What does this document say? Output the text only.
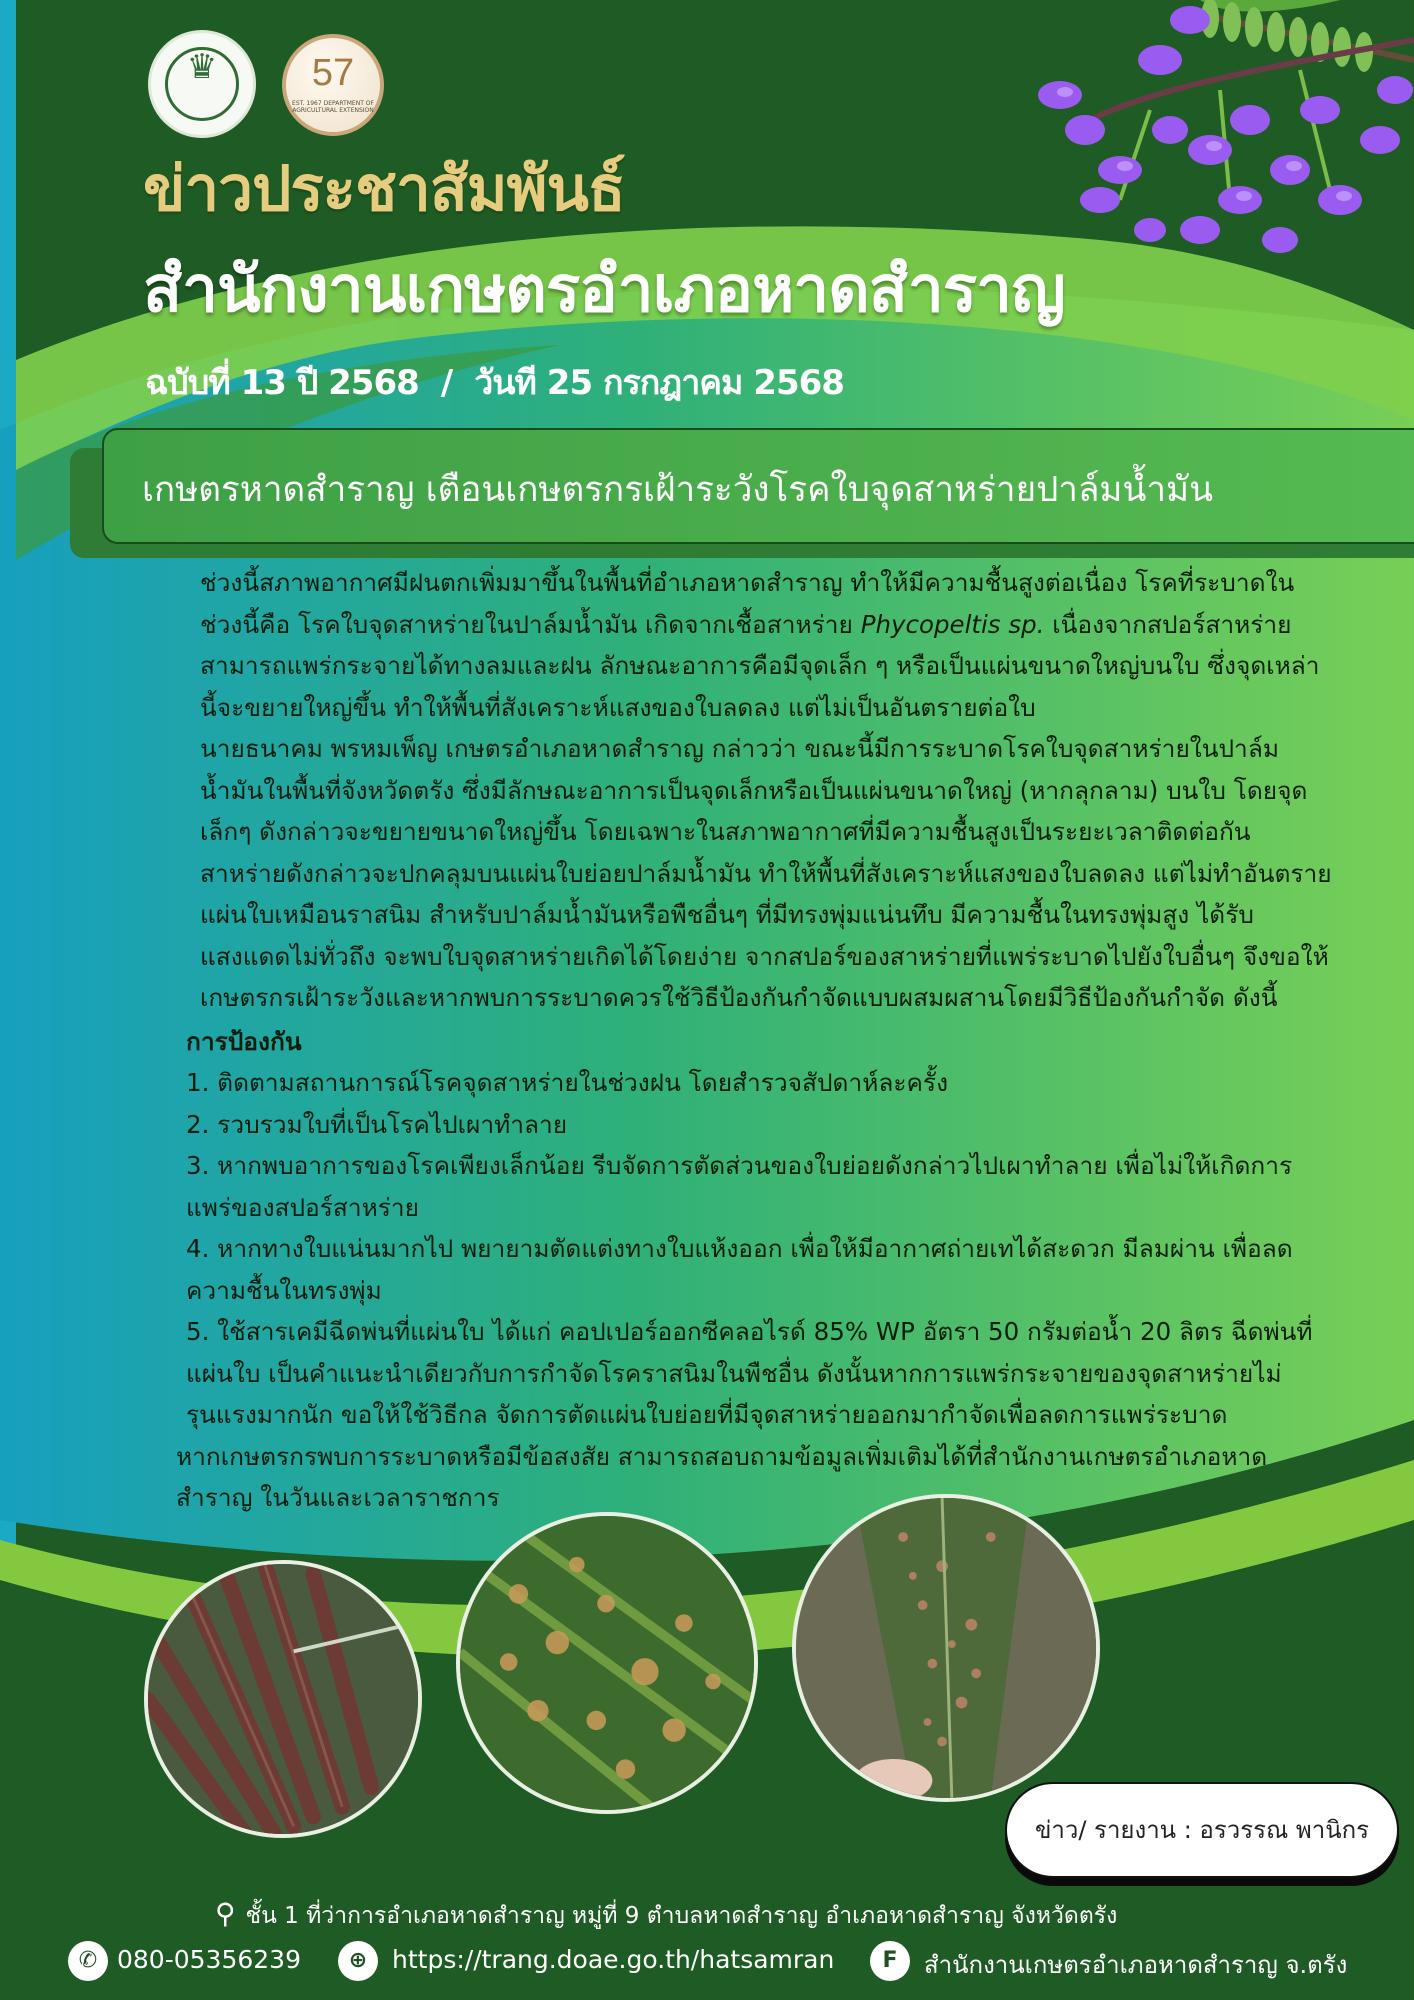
♛	57
EST. 1967 DEPARTMENT OF AGRICULTURAL EXTENSION
ข่าวประชาสัมพันธ์
สำนักงานเกษตรอำเภอหาดสำราญ
ฉบับที่ 13 ปี 2568 / วันที 25 กรกฎาคม 2568
เกษตรหาดสำราญ เตือนเกษตรกรเฝ้าระวังโรคใบจุดสาหร่ายปาล์มน้ำมัน

ช่วงนี้สภาพอากาศมีฝนตกเพิ่มมาขึ้นในพื้นที่อำเภอหาดสำราญ ทำให้มีความชื้นสูงต่อเนื่อง โรคที่ระบาดในช่วงนี้คือ โรคใบจุดสาหร่ายในปาล์มน้ำมัน เกิดจากเชื้อสาหร่าย Phycopeltis sp. เนื่องจากสปอร์สาหร่ายสามารถแพร่กระจายได้ทางลมและฝน ลักษณะอาการคือมีจุดเล็ก ๆ หรือเป็นแผ่นขนาดใหญ่บนใบ ซึ่งจุดเหล่านี้จะขยายใหญ่ขึ้น ทำให้พื้นที่สังเคราะห์แสงของใบลดลง แต่ไม่เป็นอันตรายต่อใบ

นายธนาคม พรหมเพ็ญ เกษตรอำเภอหาดสำราญ กล่าวว่า ขณะนี้มีการระบาดโรคใบจุดสาหร่ายในปาล์มน้ำมันในพื้นที่จังหวัดตรัง ซึ่งมีลักษณะอาการเป็นจุดเล็กหรือเป็นแผ่นขนาดใหญ่ (หากลุกลาม) บนใบ โดยจุดเล็กๆ ดังกล่าวจะขยายขนาดใหญ่ขึ้น โดยเฉพาะในสภาพอากาศที่มีความชื้นสูงเป็นระยะเวลาติดต่อกัน สาหร่ายดังกล่าวจะปกคลุมบนแผ่นใบย่อยปาล์มน้ำมัน ทำให้พื้นที่สังเคราะห์แสงของใบลดลง แต่ไม่ทำอันตรายแผ่นใบเหมือนราสนิม สำหรับปาล์มน้ำมันหรือพืชอื่นๆ ที่มีทรงพุ่มแน่นทึบ มีความชื้นในทรงพุ่มสูง ได้รับแสงแดดไม่ทั่วถึง จะพบใบจุดสาหร่ายเกิดได้โดยง่าย จากสปอร์ของสาหร่ายที่แพร่ระบาดไปยังใบอื่นๆ จึงขอให้เกษตรกรเฝ้าระวังและหากพบการระบาดควรใช้วิธีป้องกันกำจัดแบบผสมผสานโดยมีวิธีป้องกันกำจัด ดังนี้

การป้องกัน

1. ติดตามสถานการณ์โรคจุดสาหร่ายในช่วงฝน โดยสำรวจสัปดาห์ละครั้ง

2. รวบรวมใบที่เป็นโรคไปเผาทำลาย

3. หากพบอาการของโรคเพียงเล็กน้อย รีบจัดการตัดส่วนของใบย่อยดังกล่าวไปเผาทำลาย เพื่อไม่ให้เกิดการแพร่ของสปอร์สาหร่าย

4. หากทางใบแน่นมากไป พยายามตัดแต่งทางใบแห้งออก เพื่อให้มีอากาศถ่ายเทได้สะดวก มีลมผ่าน เพื่อลดความชื้นในทรงพุ่ม

5. ใช้สารเคมีฉีดพ่นที่แผ่นใบ ได้แก่ คอปเปอร์ออกซีคลอไรด์ 85% WP อัตรา 50 กรัมต่อน้ำ 20 ลิตร ฉีดพ่นที่แผ่นใบ เป็นคำแนะนำเดียวกับการกำจัดโรคราสนิมในพืชอื่น ดังนั้นหากการแพร่กระจายของจุดสาหร่ายไม่รุนแรงมากนัก ขอให้ใช้วิธีกล จัดการตัดแผ่นใบย่อยที่มีจุดสาหร่ายออกมากำจัดเพื่อลดการแพร่ระบาด

หากเกษตรกรพบการระบาดหรือมีข้อสงสัย สามารถสอบถามข้อมูลเพิ่มเติมได้ที่สำนักงานเกษตรอำเภอหาดสำราญ ในวันและเวลาราชการ

ข่าว/ รายงาน : อรวรรณ พานิกร
⚲ ชั้น 1 ที่ว่าการอำเภอหาดสำราญ หมู่ที่ 9 ตำบลหาดสำราญ อำเภอหาดสำราญ จังหวัดตรัง
✆ 080-05356239	⊕ https://trang.doae.go.th/hatsamran	F	สำนักงานเกษตรอำเภอหาดสำราญ จ.ตรัง
